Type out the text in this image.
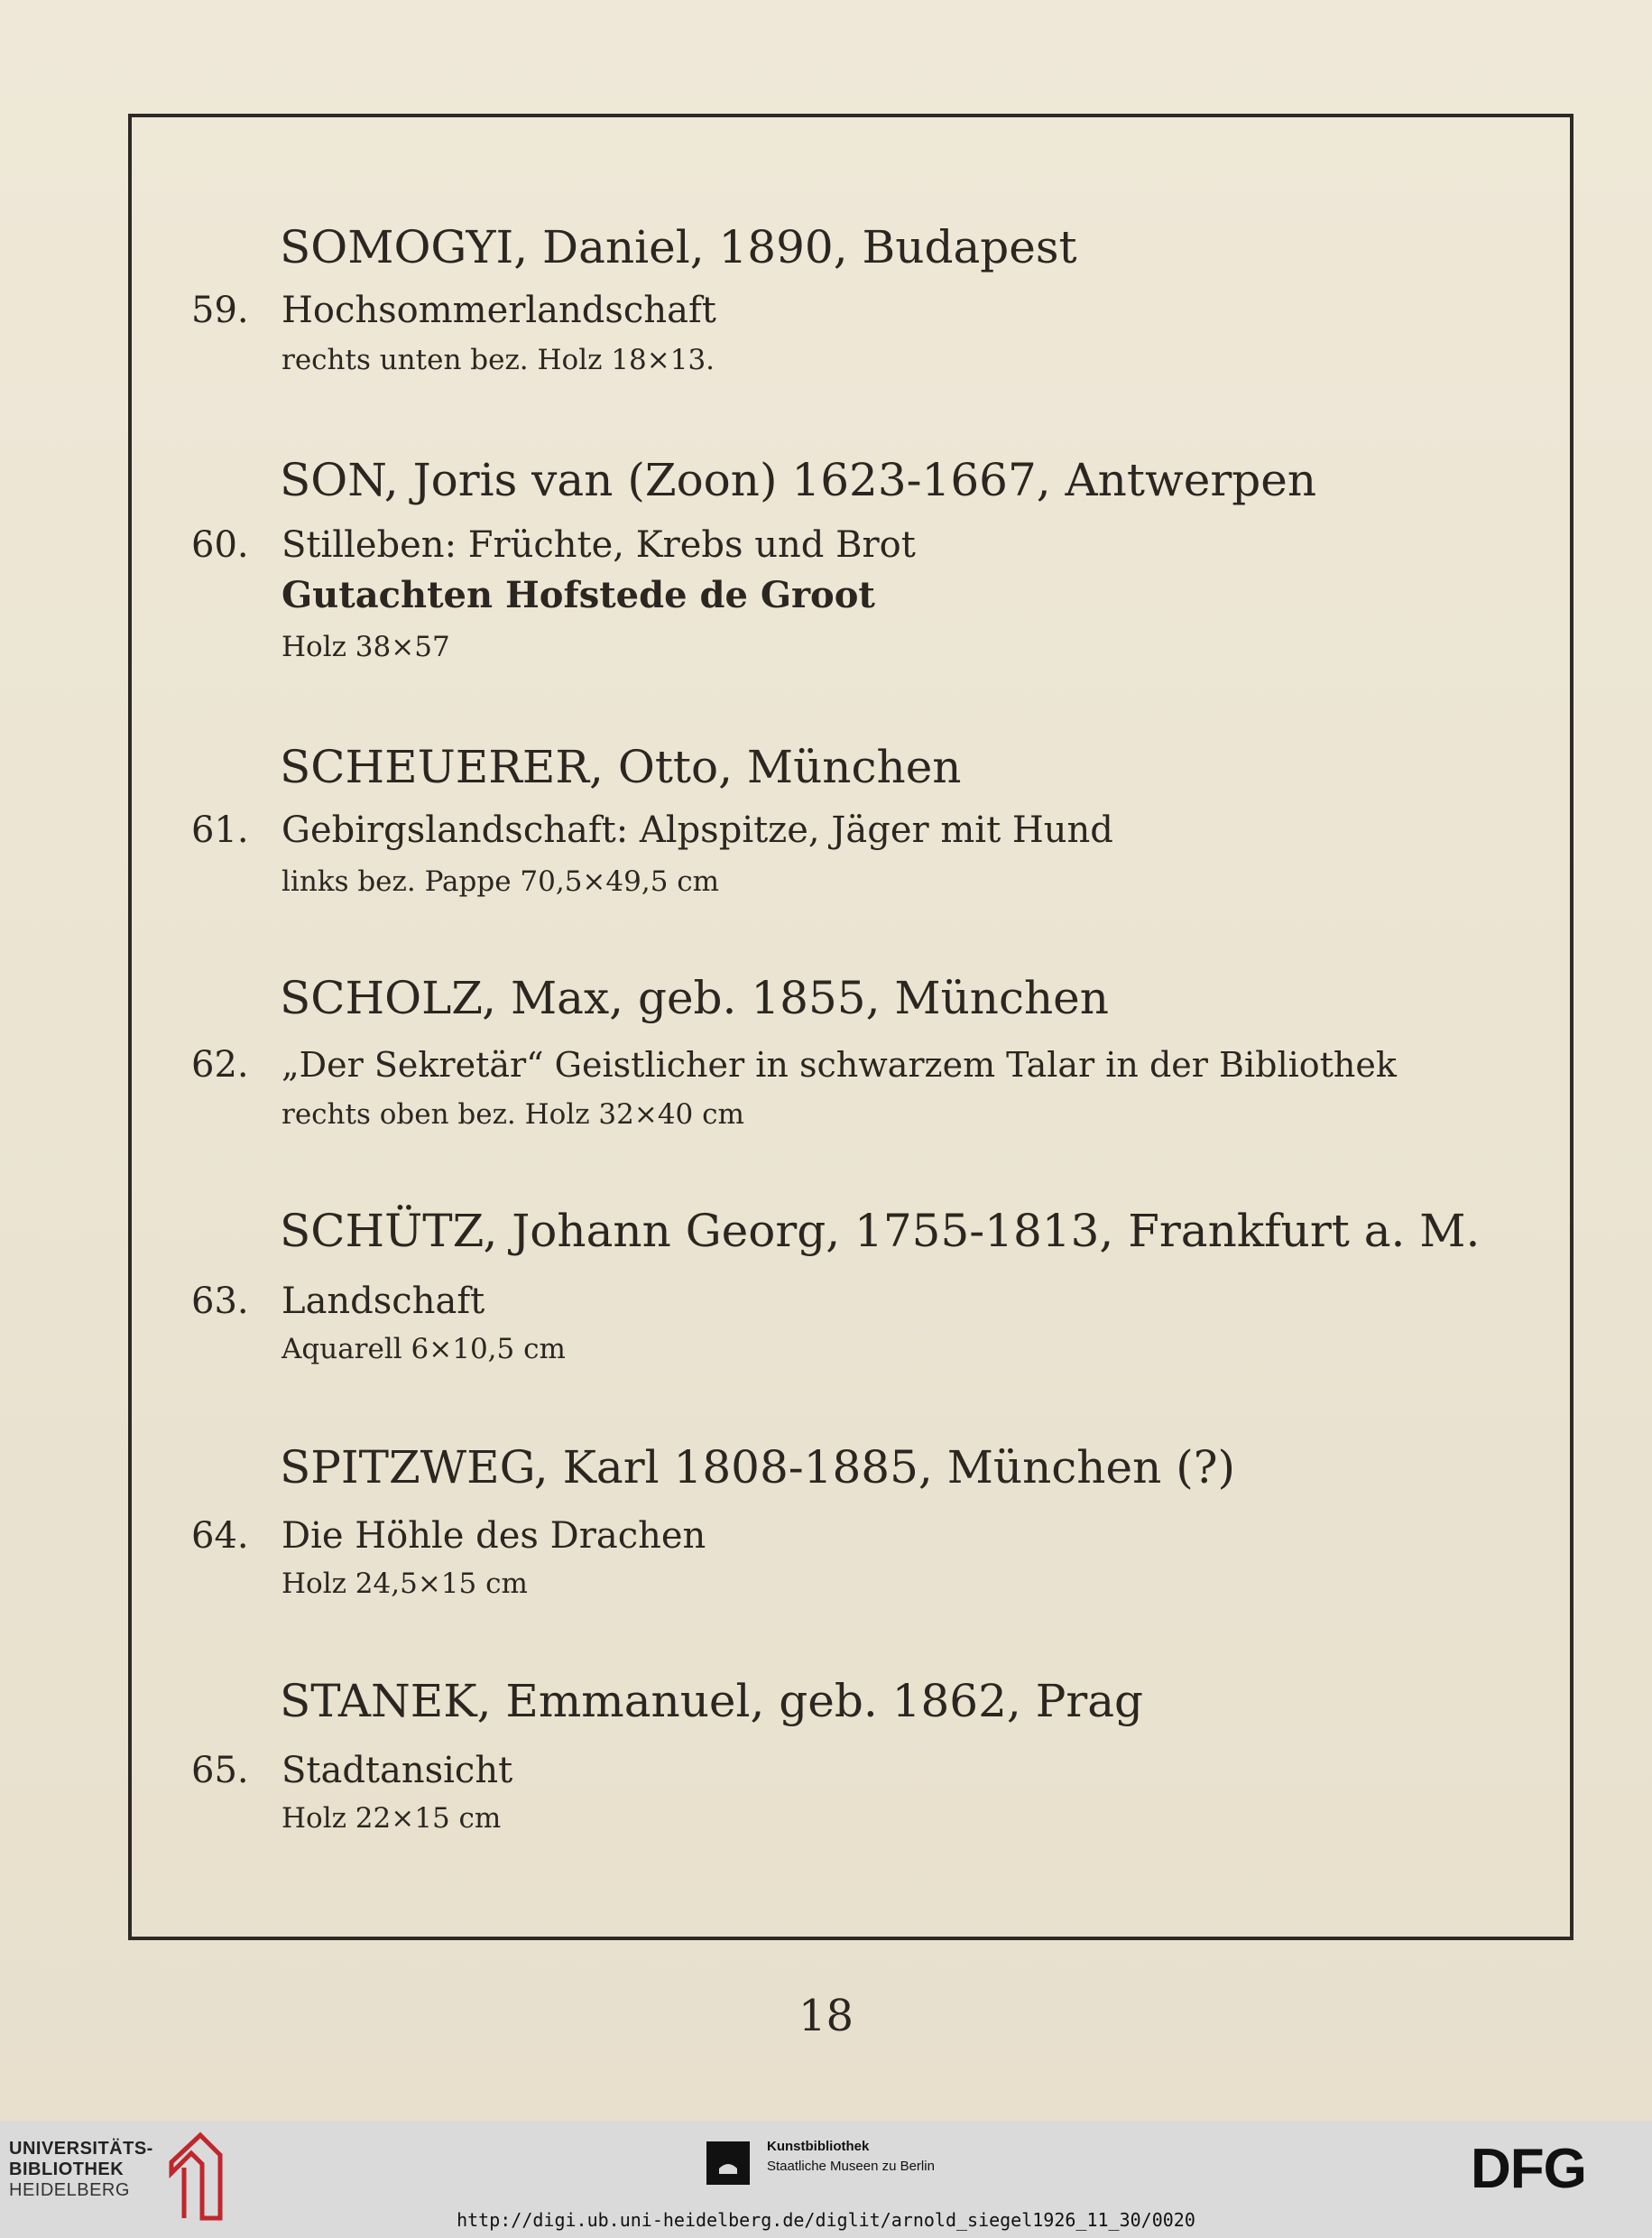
SOMOGYI, Daniel, 1890, Budapest
59. Hochsommerlandschaft
rechts unten bez. Holz 18×13.
SON, Joris van (Zoon) 1623-1667, Antwerpen
60. Stilleben: Früchte, Krebs und Brot
Gutachten Hofstede de Groot
Holz 38×57
SCHEUERER, Otto, München
61. Gebirgslandschaft: Alpspitze, Jäger mit Hund
links bez. Pappe 70,5×49,5 cm
SCHOLZ, Max, geb. 1855, München
62. „Der Sekretär“ Geistlicher in schwarzem Talar in der Bibliothek
rechts oben bez. Holz 32×40 cm
SCHÜTZ, Johann Georg, 1755-1813, Frankfurt a. M.
63. Landschaft
Aquarell 6×10,5 cm
SPITZWEG, Karl 1808-1885, München (?)
64. Die Höhle des Drachen
Holz 24,5×15 cm
STANEK, Emmanuel, geb. 1862, Prag
65. Stadtansicht
Holz 22×15 cm
18
UNIVERSITÄTS-
BIBLIOTHEK
HEIDELBERG
Kunstbibliothek
Staatliche Museen zu Berlin	DFG
http://digi.ub.uni-heidelberg.de/diglit/arnold_siegel1926_11_30/0020
